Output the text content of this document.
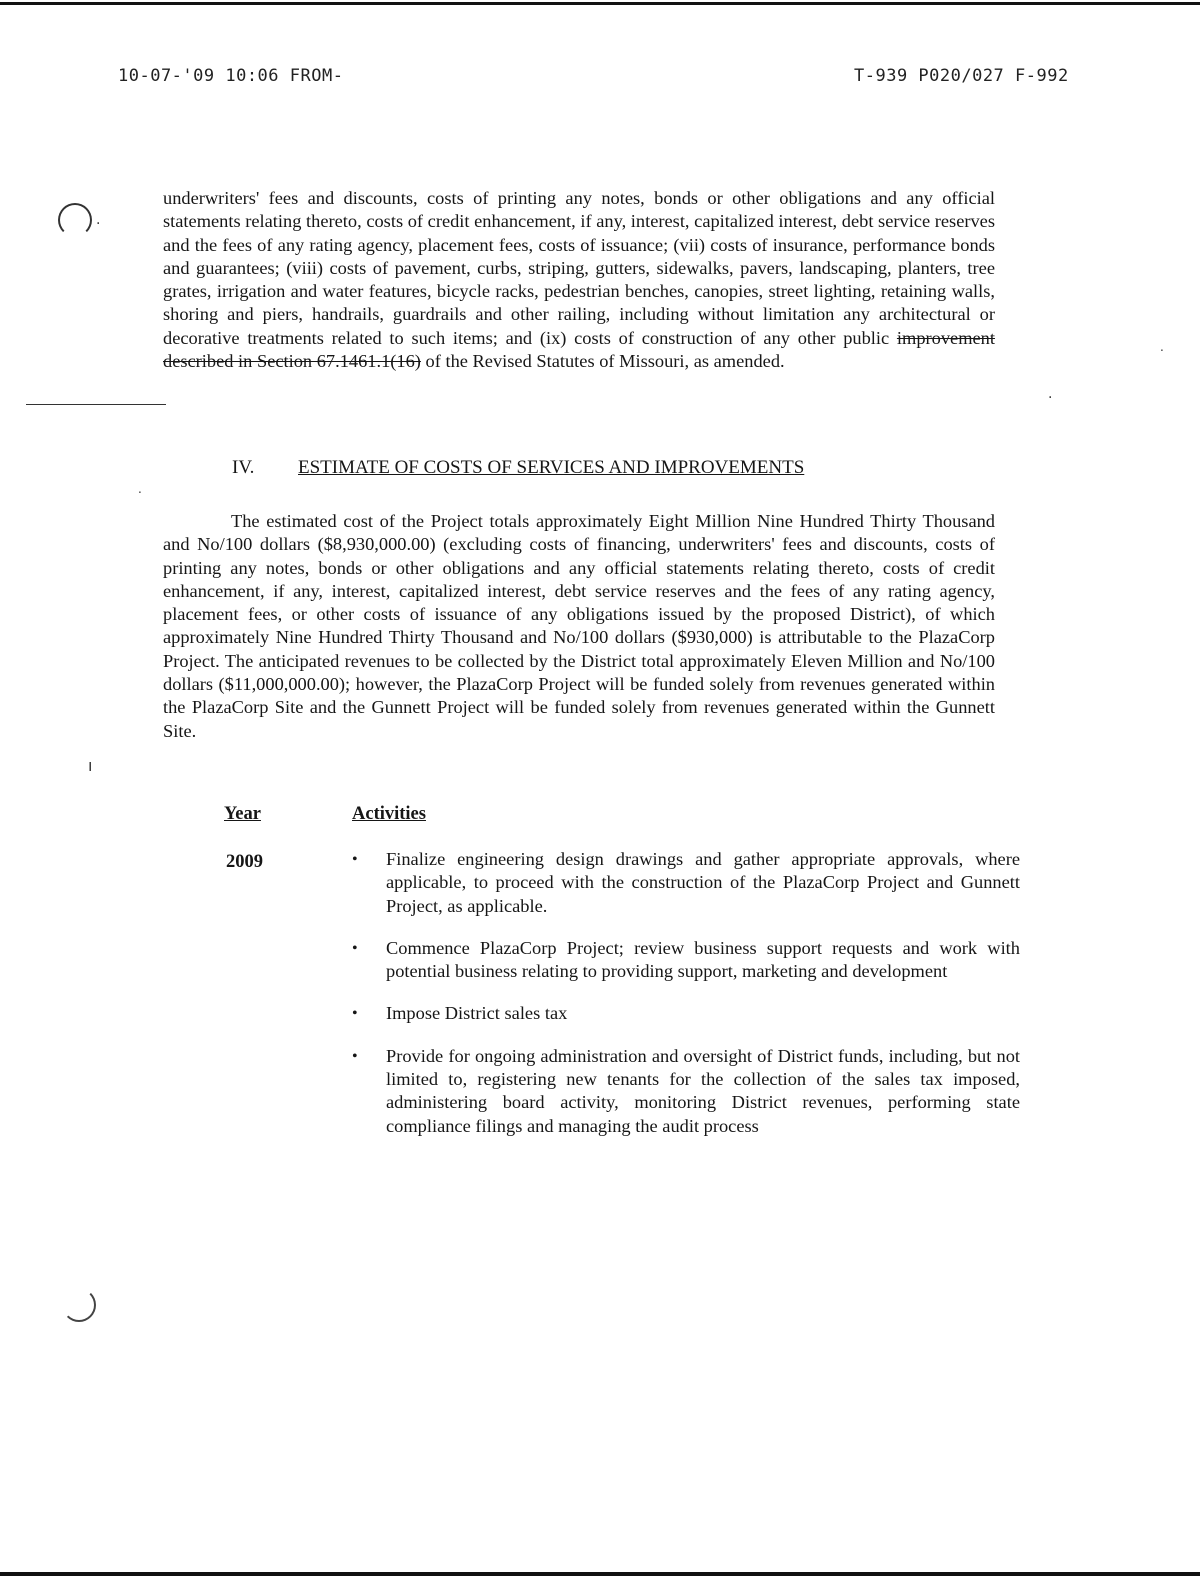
10-07-'09 10:06 FROM-	T-939 P020/027 F-992
.

underwriters' fees and discounts, costs of printing any notes, bonds or other obligations and any official statements relating thereto, costs of credit enhancement, if any, interest, capitalized interest, debt service reserves and the fees of any rating agency, placement fees, costs of issuance; (vii) costs of insurance, performance bonds and guarantees; (viii) costs of pavement, curbs, striping, gutters, sidewalks, pavers, landscaping, planters, tree grates, irrigation and water features, bicycle racks, pedestrian benches, canopies, street lighting, retaining walls, shoring and piers, handrails, guardrails and other railing, including without limitation any architectural or decorative treatments related to such items; and (ix) costs of construction of any other public improvement described in Section 67.1461.1(16) of the Revised Statutes of Missouri, as amended.

IV. ESTIMATE OF COSTS OF SERVICES AND IMPROVEMENTS

The estimated cost of the Project totals approximately Eight Million Nine Hundred Thirty Thousand and No/100 dollars ($8,930,000.00) (excluding costs of financing, underwriters' fees and discounts, costs of printing any notes, bonds or other obligations and any official statements relating thereto, costs of credit enhancement, if any, interest, capitalized interest, debt service reserves and the fees of any rating agency, placement fees, or other costs of issuance of any obligations issued by the proposed District), of which approximately Nine Hundred Thirty Thousand and No/100 dollars ($930,000) is attributable to the PlazaCorp Project. The anticipated revenues to be collected by the District total approximately Eleven Million and No/100 dollars ($11,000,000.00); however, the PlazaCorp Project will be funded solely from revenues generated within the PlazaCorp Site and the Gunnett Project will be funded solely from revenues generated within the Gunnett Site.

Year	Activities
2009	•	Finalize engineering design drawings and gather appropriate approvals, where applicable, to proceed with the construction of the PlazaCorp Project and Gunnett Project, as applicable.
•	Commence PlazaCorp Project; review business support requests and work with potential business relating to providing support, marketing and development
•	Impose District sales tax
•	Provide for ongoing administration and oversight of District funds, including, but not limited to, registering new tenants for the collection of the sales tax imposed, administering board activity, monitoring District revenues, performing state compliance filings and managing the audit process
ı
.
.
.
